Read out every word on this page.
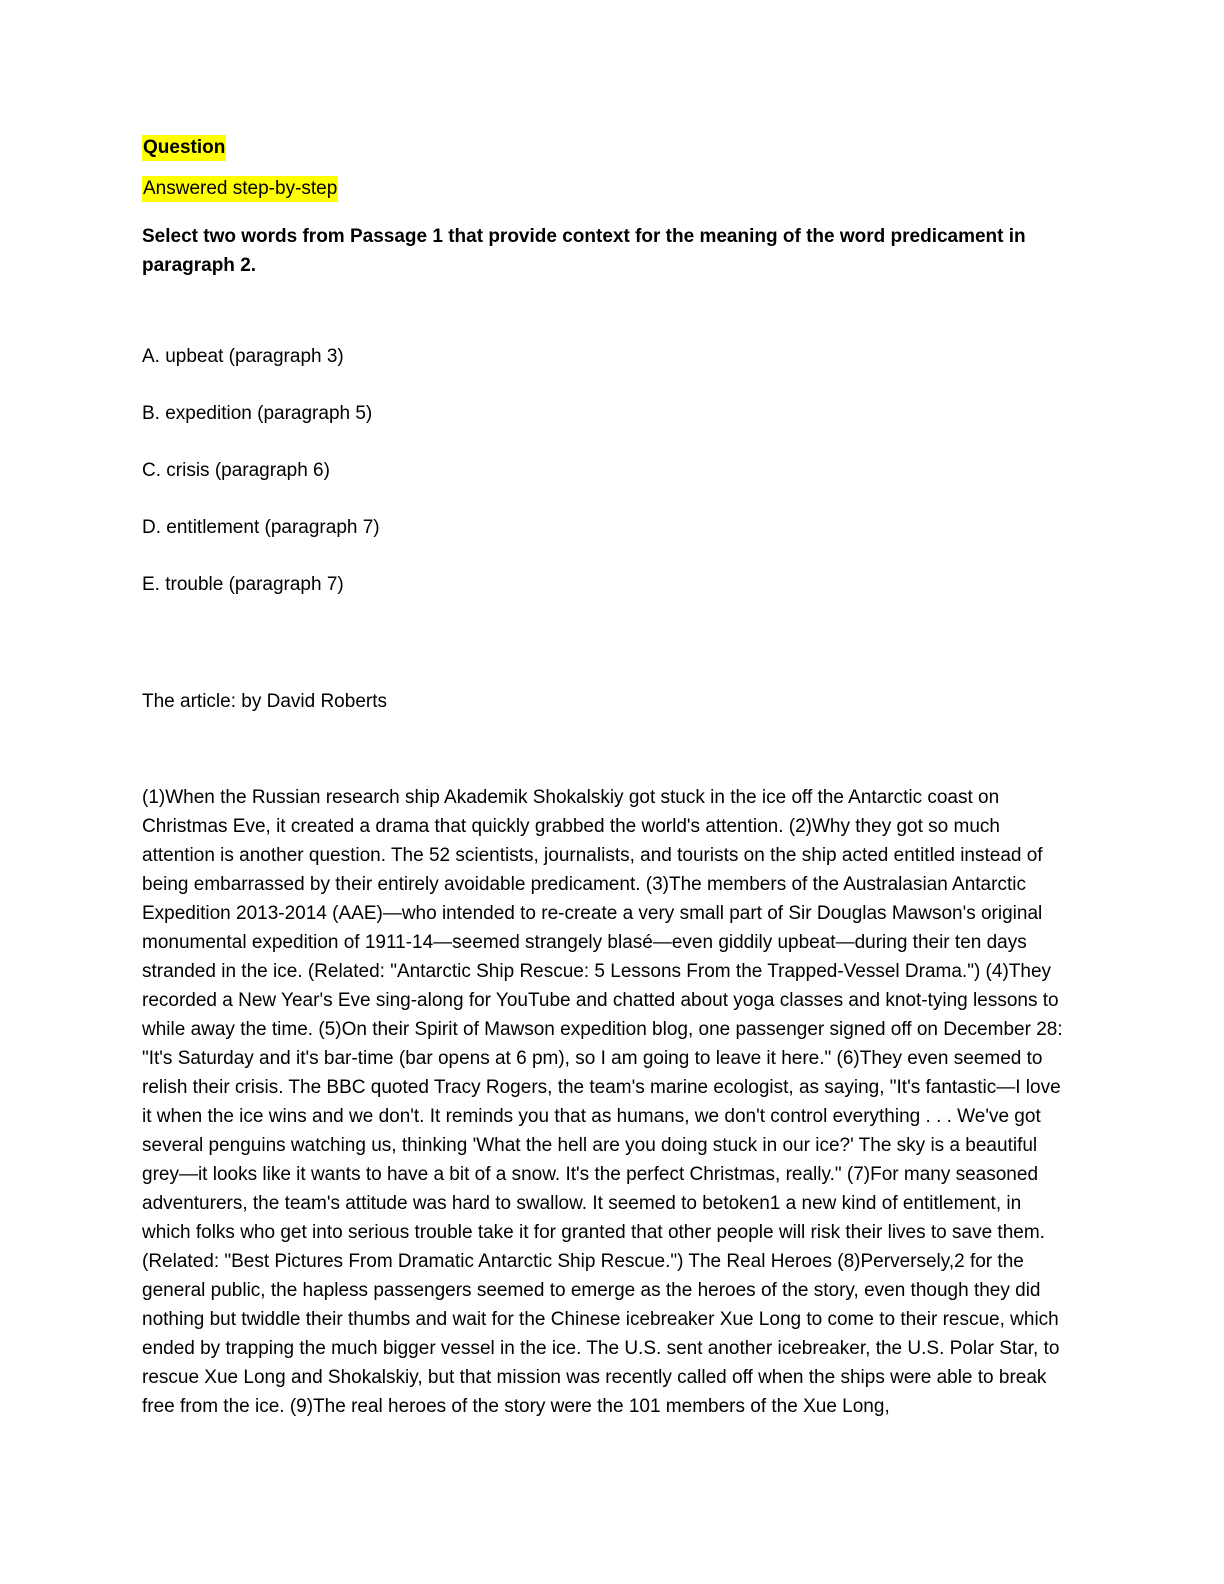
Question
Answered step-by-step

Select two words from Passage 1 that provide context for the meaning of the word predicament in paragraph 2.

A. upbeat (paragraph 3)

B. expedition (paragraph 5)

C. crisis (paragraph 6)

D. entitlement (paragraph 7)

E. trouble (paragraph 7)

The article: by David Roberts

(1)When the Russian research ship Akademik Shokalskiy got stuck in the ice off the Antarctic coast on Christmas Eve, it created a drama that quickly grabbed the world's attention. (2)Why they got so much attention is another question. The 52 scientists, journalists, and tourists on the ship acted entitled instead of being embarrassed by their entirely avoidable predicament. (3)The members of the Australasian Antarctic Expedition 2013-2014 (AAE)—who intended to re-create a very small part of Sir Douglas Mawson's original monumental expedition of 1911-14—seemed strangely blasé—even giddily upbeat—during their ten days stranded in the ice. (Related: "Antarctic Ship Rescue: 5 Lessons From the Trapped-Vessel Drama.") (4)They recorded a New Year's Eve sing-along for YouTube and chatted about yoga classes and knot-tying lessons to while away the time. (5)On their Spirit of Mawson expedition blog, one passenger signed off on December 28: "It's Saturday and it's bar-time (bar opens at 6 pm), so I am going to leave it here." (6)They even seemed to relish their crisis. The BBC quoted Tracy Rogers, the team's marine ecologist, as saying, "It's fantastic—I love it when the ice wins and we don't. It reminds you that as humans, we don't control everything . . . We've got several penguins watching us, thinking 'What the hell are you doing stuck in our ice?' The sky is a beautiful grey—it looks like it wants to have a bit of a snow. It's the perfect Christmas, really." (7)For many seasoned adventurers, the team's attitude was hard to swallow. It seemed to betoken1 a new kind of entitlement, in which folks who get into serious trouble take it for granted that other people will risk their lives to save them. (Related: "Best Pictures From Dramatic Antarctic Ship Rescue.") The Real Heroes (8)Perversely,2 for the general public, the hapless passengers seemed to emerge as the heroes of the story, even though they did nothing but twiddle their thumbs and wait for the Chinese icebreaker Xue Long to come to their rescue, which ended by trapping the much bigger vessel in the ice. The U.S. sent another icebreaker, the U.S. Polar Star, to rescue Xue Long and Shokalskiy, but that mission was recently called off when the ships were able to break free from the ice. (9)The real heroes of the story were the 101 members of the Xue Long,
